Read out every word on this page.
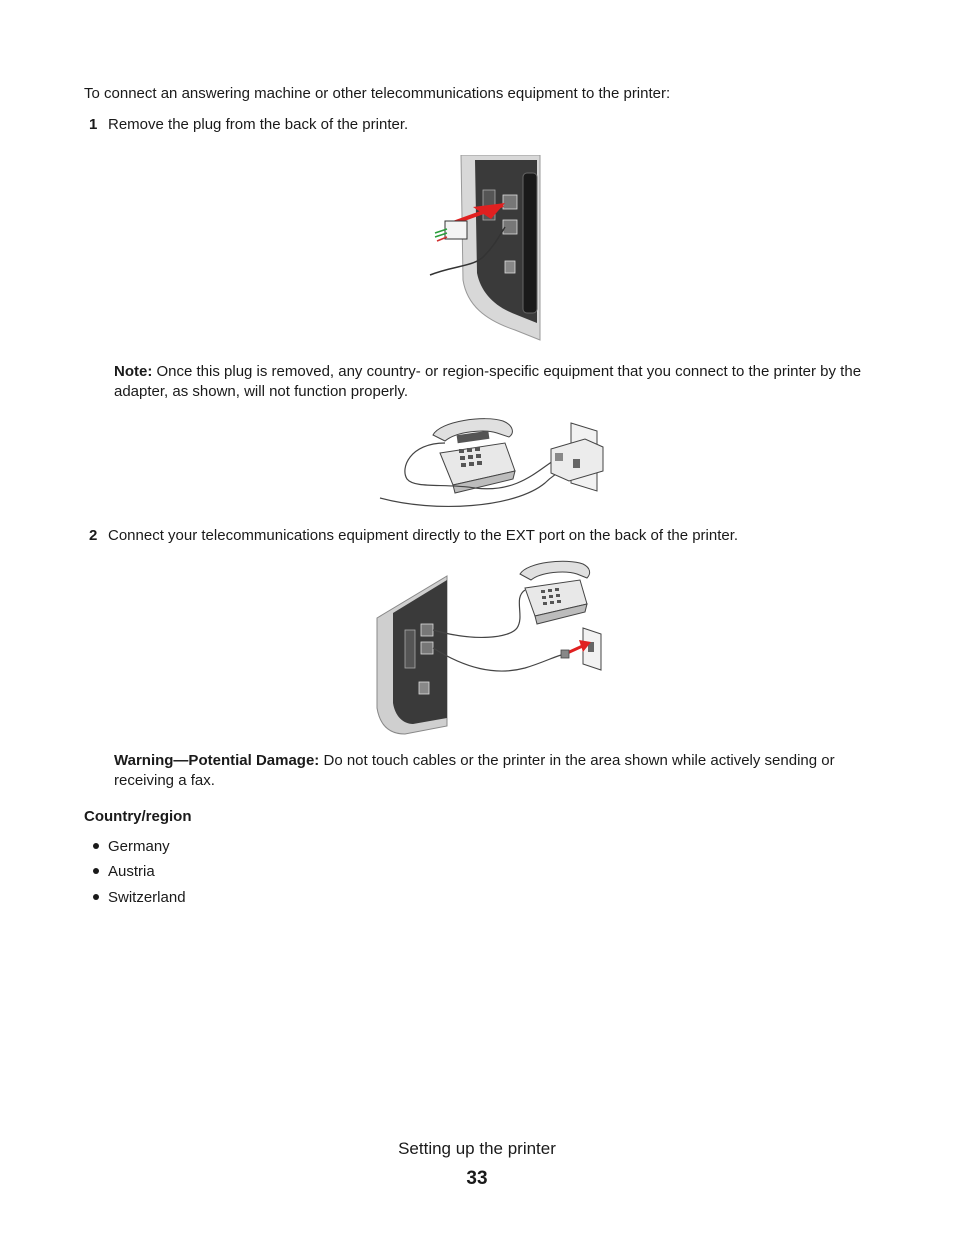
To connect an answering machine or other telecommunications equipment to the printer:
1 Remove the plug from the back of the printer.
Note: Once this plug is removed, any country- or region-specific equipment that you connect to the printer by the adapter, as shown, will not function properly.
2 Connect your telecommunications equipment directly to the EXT port on the back of the printer.
Warning—Potential Damage: Do not touch cables or the printer in the area shown while actively sending or receiving a fax.
Country/region
Germany
Austria
Switzerland
Setting up the printer
33
